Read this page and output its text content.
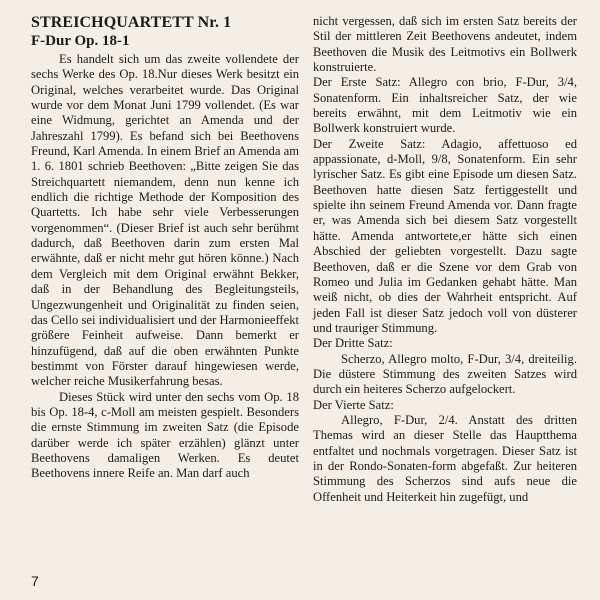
STREICHQUARTETT Nr. 1
F-Dur Op. 18-1

Es handelt sich um das zweite vollendete der sechs Werke des Op. 18.Nur dieses Werk besitzt ein Original, welches verarbeitet wurde. Das Original wurde vor dem Monat Juni 1799 vollendet. (Es war eine Widmung, gerichtet an Amenda und der Jahreszahl 1799). Es befand sich bei Beethovens Freund, Karl Amenda. In einem Brief an Amenda am 1. 6. 1801 schrieb Beethoven: „Bitte zeigen Sie das Streichquartett niemandem, denn nun kenne ich endlich die richtige Methode der Komposition des Quartetts. Ich habe sehr viele Verbesserungen vorgenommen“. (Dieser Brief ist auch sehr berühmt dadurch, daß Beethoven darin zum ersten Mal erwähnte, daß er nicht mehr gut hören könne.) Nach dem Vergleich mit dem Original erwähnt Bekker, daß in der Behandlung des Begleitungsteils, Ungezwungenheit und Originalität zu finden seien, das Cello sei individualisiert und der Harmonieeffekt größere Feinheit aufweise. Dann bemerkt er hinzufügend, daß auf die oben erwähnten Punkte bestimmt von Förster darauf hingewiesen werde, welcher reiche Musikerfahrung besas.

Dieses Stück wird unter den sechs vom Op. 18 bis Op. 18-4, c-Moll am meisten gespielt. Besonders die ernste Stimmung im zweiten Satz (die Episode darüber werde ich später erzählen) glänzt unter Beethovens damaligen Werken. Es deutet Beethovens innere Reife an. Man darf auch

nicht vergessen, daß sich im ersten Satz bereits der Stil der mittleren Zeit Beethovens andeutet, indem Beethoven die Musik des Leitmotivs ein Bollwerk konstruierte.

Der Erste Satz: Allegro con brio, F-Dur, 3/4, Sonatenform. Ein inhaltsreicher Satz, der wie bereits erwähnt, mit dem Leitmotiv wie ein Bollwerk konstruiert wurde.

Der Zweite Satz: Adagio, affettuoso ed appassionate, d-Moll, 9/8, Sonatenform. Ein sehr lyrischer Satz. Es gibt eine Episode um diesen Satz. Beethoven hatte diesen Satz fertiggestellt und spielte ihn seinem Freund Amenda vor. Dann fragte er, was Amenda sich bei diesem Satz vorgestellt hätte. Amenda antwortete,er hätte sich einen Abschied der geliebten vorgestellt. Dazu sagte Beethoven, daß er die Szene vor dem Grab von Romeo und Julia im Gedanken gehabt hätte. Man weiß nicht, ob dies der Wahrheit entspricht. Auf jeden Fall ist dieser Satz jedoch voll von düsterer und trauriger Stimmung.

Der Dritte Satz:

Scherzo, Allegro molto, F-Dur, 3/4, dreiteilig. Die düstere Stimmung des zweiten Satzes wird durch ein heiteres Scherzo aufgelockert.

Der Vierte Satz:

Allegro, F-Dur, 2/4. Anstatt des dritten Themas wird an dieser Stelle das Hauptthema entfaltet und nochmals vorgetragen. Dieser Satz ist in der Rondo-Sonaten-form abgefaßt. Zur heiteren Stimmung des Scherzos sind aufs neue die Offenheit und Heiterkeit hin zugefügt, und

7
